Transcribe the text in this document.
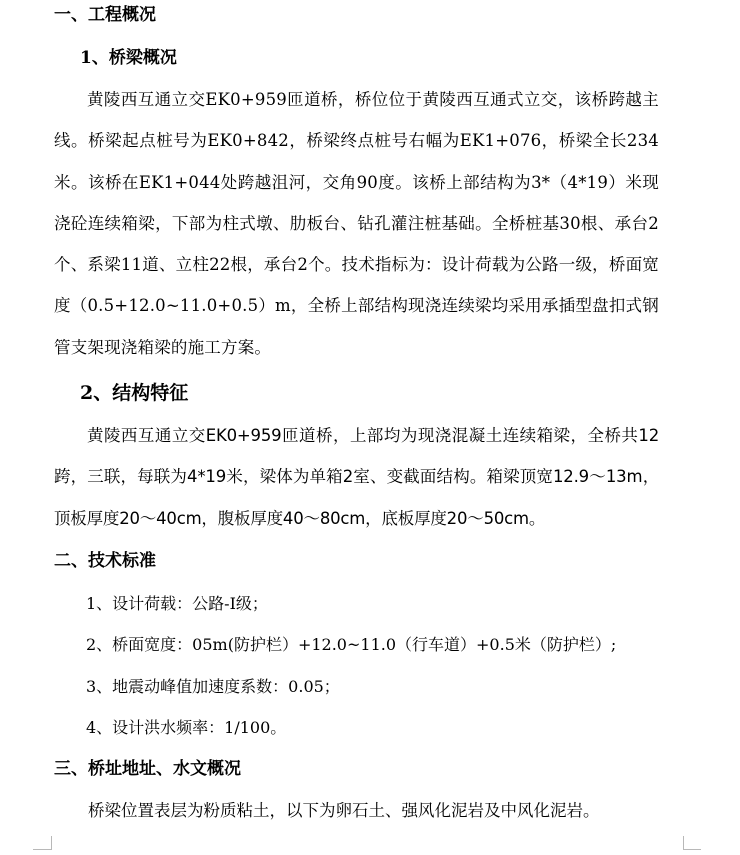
一、工程概况
1、桥梁概况
黄陵西互通立交EK0+959匝道桥，桥位位于黄陵西互通式立交，该桥跨越主线。桥梁起点桩号为EK0+842，桥梁终点桩号右幅为EK1+076，桥梁全长234米。该桥在EK1+044处跨越沮河，交角90度。该桥上部结构为3*（4*19）米现浇砼连续箱梁，下部为柱式墩、肋板台、钻孔灌注桩基础。全桥桩基30根、承台2个、系梁11道、立柱22根，承台2个。技术指标为：设计荷载为公路一级，桥面宽度（0.5+12.0~11.0+0.5）m，全桥上部结构现浇连续梁均采用承插型盘扣式钢管支架现浇箱梁的施工方案。
2、结构特征
黄陵西互通立交EK0+959匝道桥，上部均为现浇混凝土连续箱梁，全桥共12跨，三联，每联为4*19米，梁体为单箱2室、变截面结构。箱梁顶宽12.9～13m，顶板厚度20～40cm，腹板厚度40～80cm，底板厚度20～50cm。
二、技术标准
1、设计荷载：公路-I级；
2、桥面宽度：05m(防护栏）+12.0~11.0（行车道）+0.5米（防护栏）;
3、地震动峰值加速度系数：0.05；
4、设计洪水频率：1/100。
三、桥址地址、水文概况
桥梁位置表层为粉质粘土，以下为卵石土、强风化泥岩及中风化泥岩。
